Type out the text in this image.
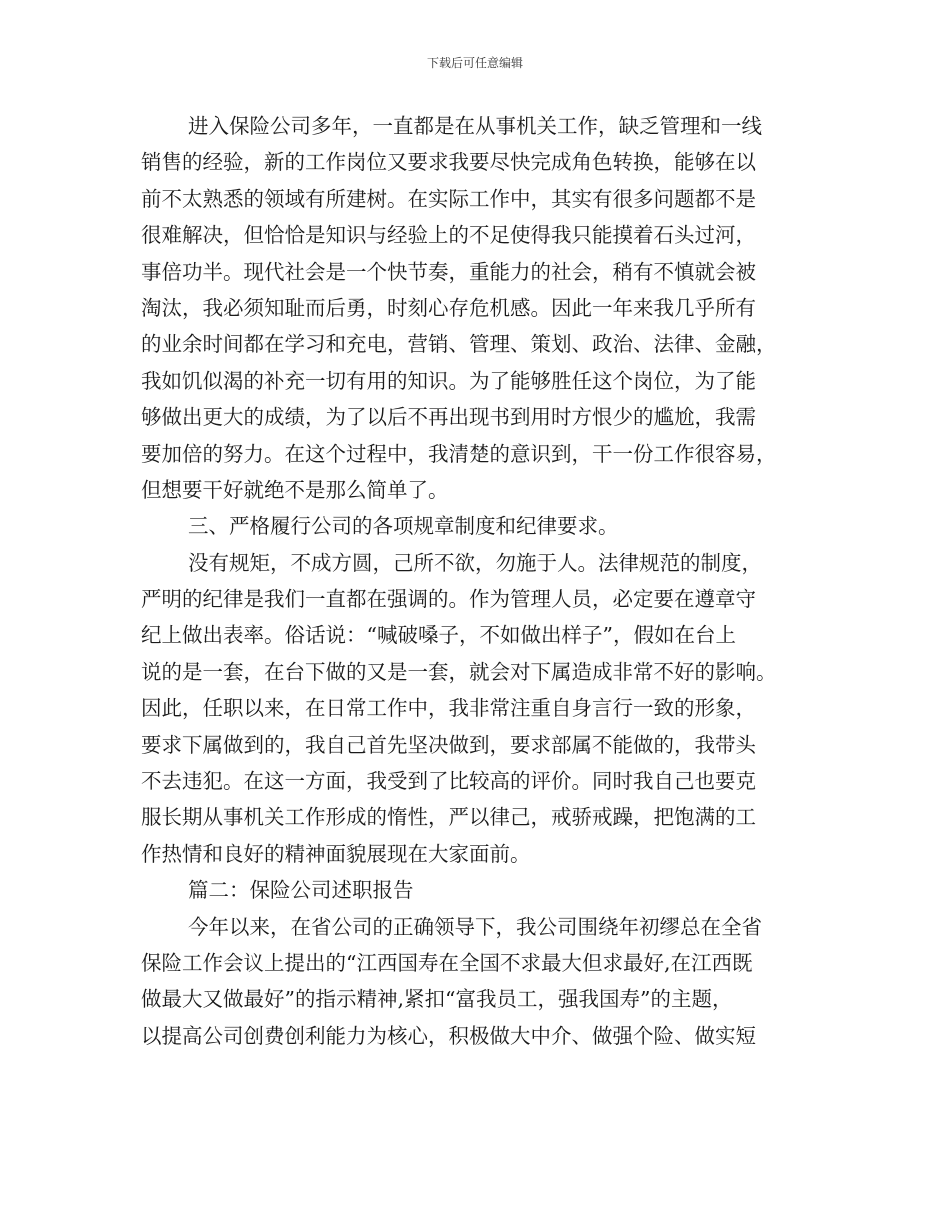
下载后可任意编辑
进入保险公司多年，一直都是在从事机关工作，缺乏管理和一线
销售的经验，新的工作岗位又要求我要尽快完成角色转换，能够在以
前不太熟悉的领域有所建树。在实际工作中，其实有很多问题都不是
很难解决，但恰恰是知识与经验上的不足使得我只能摸着石头过河，
事倍功半。现代社会是一个快节奏，重能力的社会，稍有不慎就会被
淘汰，我必须知耻而后勇，时刻心存危机感。因此一年来我几乎所有
的业余时间都在学习和充电，营销、管理、策划、政治、法律、金融，
我如饥似渴的补充一切有用的知识。为了能够胜任这个岗位，为了能
够做出更大的成绩，为了以后不再出现书到用时方恨少的尴尬，我需
要加倍的努力。在这个过程中，我清楚的意识到，干一份工作很容易，
但想要干好就绝不是那么简单了。
三、严格履行公司的各项规章制度和纪律要求。
没有规矩，不成方圆，己所不欲，勿施于人。法律规范的制度，
严明的纪律是我们一直都在强调的。作为管理人员，必定要在遵章守
纪上做出表率。俗话说：“喊破嗓子，不如做出样子”，假如在台上
说的是一套，在台下做的又是一套，就会对下属造成非常不好的影响。
因此，任职以来，在日常工作中，我非常注重自身言行一致的形象，
要求下属做到的，我自己首先坚决做到，要求部属不能做的，我带头
不去违犯。在这一方面，我受到了比较高的评价。同时我自己也要克
服长期从事机关工作形成的惰性，严以律己，戒骄戒躁，把饱满的工
作热情和良好的精神面貌展现在大家面前。
篇二：保险公司述职报告
今年以来，在省公司的正确领导下，我公司围绕年初缪总在全省
保险工作会议上提出的“江西国寿在全国不求最大但求最好,在江西既
做最大又做最好”的指示精神,紧扣“富我员工，强我国寿”的主题，
以提高公司创费创利能力为核心，积极做大中介、做强个险、做实短
